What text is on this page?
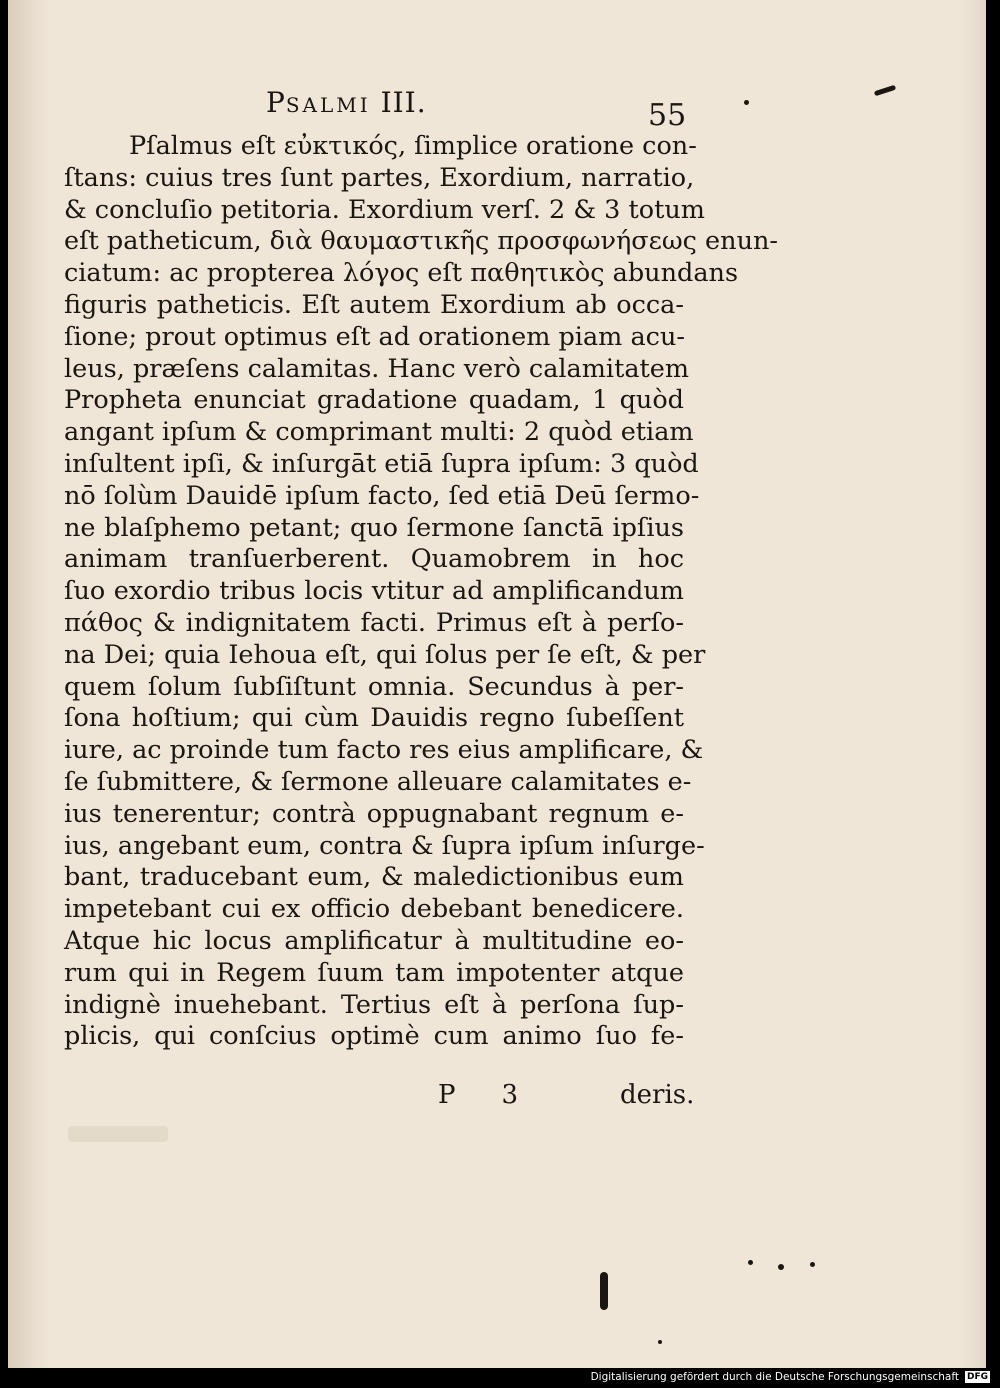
PSALMI III.	55
Pſalmus eſt εὐκτικός, ſimplice oratione con-
ſtans: cuius tres ſunt partes, Exordium, narratio,
& concluſio petitoria. Exordium verſ. 2 & 3 totum
eſt patheticum, διὰ θαυμαστικῆς προσφωνήσεως enun-
ciatum: ac propterea λόγος eſt παθητικὸς abundans
figuris patheticis. Eſt autem Exordium ab occa-
ſione; prout optimus eſt ad orationem piam acu-
leus, præſens calamitas. Hanc verò calamitatem
Propheta enunciat gradatione quadam, 1 quòd
angant ipſum & comprimant multi: 2 quòd etiam
inſultent ipſi, & inſurgāt etiā ſupra ipſum: 3 quòd
nō ſolùm Dauidē ipſum facto, ſed etiā Deū ſermo-
ne blaſphemo petant; quo ſermone ſanctā ipſius
animam tranſuerberent. Quamobrem in hoc
ſuo exordio tribus locis vtitur ad amplificandum
πάθος & indignitatem facti. Primus eſt à perſo-
na Dei; quia Iehoua eſt, qui ſolus per ſe eſt, & per
quem ſolum ſubſiſtunt omnia. Secundus à per-
ſona hoſtium; qui cùm Dauidis regno ſubeſſent
iure, ac proinde tum facto res eius amplificare, &
ſe ſubmittere, & ſermone alleuare calamitates e-
ius tenerentur; contrà oppugnabant regnum e-
ius, angebant eum, contra & ſupra ipſum inſurge-
bant, traducebant eum, & maledictionibus eum
impetebant cui ex officio debebant benedicere.
Atque hic locus amplificatur à multitudine eo-
rum qui in Regem ſuum tam impotenter atque
indignè inuehebant. Tertius eſt à perſona ſup-
plicis, qui conſcius optimè cum animo ſuo fe-
P 3	deris.
Digitalisierung gefördert durch die Deutsche Forschungsgemeinschaft DFG
